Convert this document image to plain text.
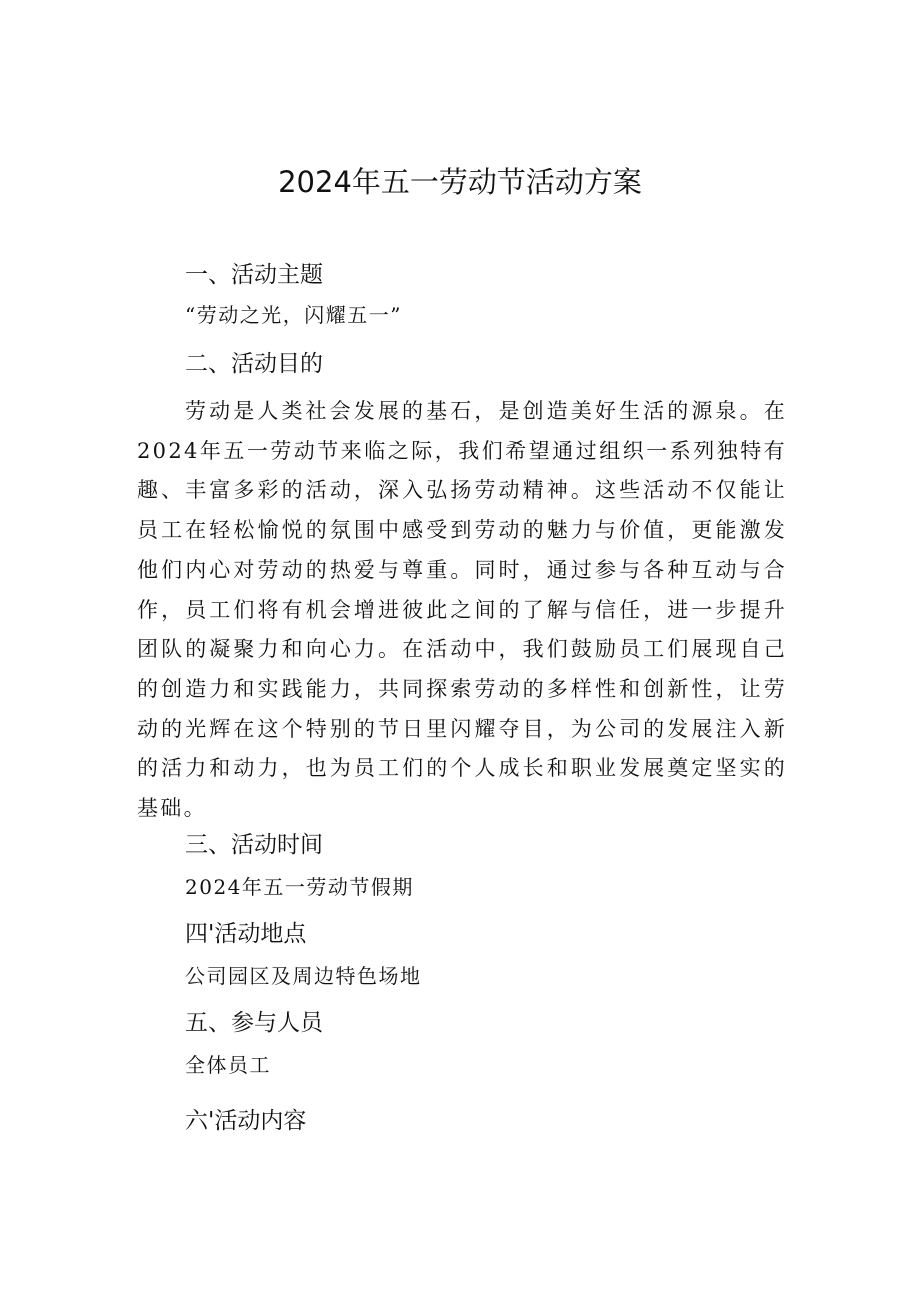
2024年五一劳动节活动方案
一、活动主题

“劳动之光，闪耀五一”

二、活动目的

劳动是人类社会发展的基石，是创造美好生活的源泉。在2024年五一劳动节来临之际，我们希望通过组织一系列独特有趣、丰富多彩的活动，深入弘扬劳动精神。这些活动不仅能让员工在轻松愉悦的氛围中感受到劳动的魅力与价值，更能激发他们内心对劳动的热爱与尊重。同时，通过参与各种互动与合作，员工们将有机会增进彼此之间的了解与信任，进一步提升团队的凝聚力和向心力。在活动中，我们鼓励员工们展现自己的创造力和实践能力，共同探索劳动的多样性和创新性，让劳动的光辉在这个特别的节日里闪耀夺目，为公司的发展注入新的活力和动力，也为员工们的个人成长和职业发展奠定坚实的基础。

三、活动时间

2024年五一劳动节假期

四'活动地点

公司园区及周边特色场地

五、参与人员

全体员工

六'活动内容
